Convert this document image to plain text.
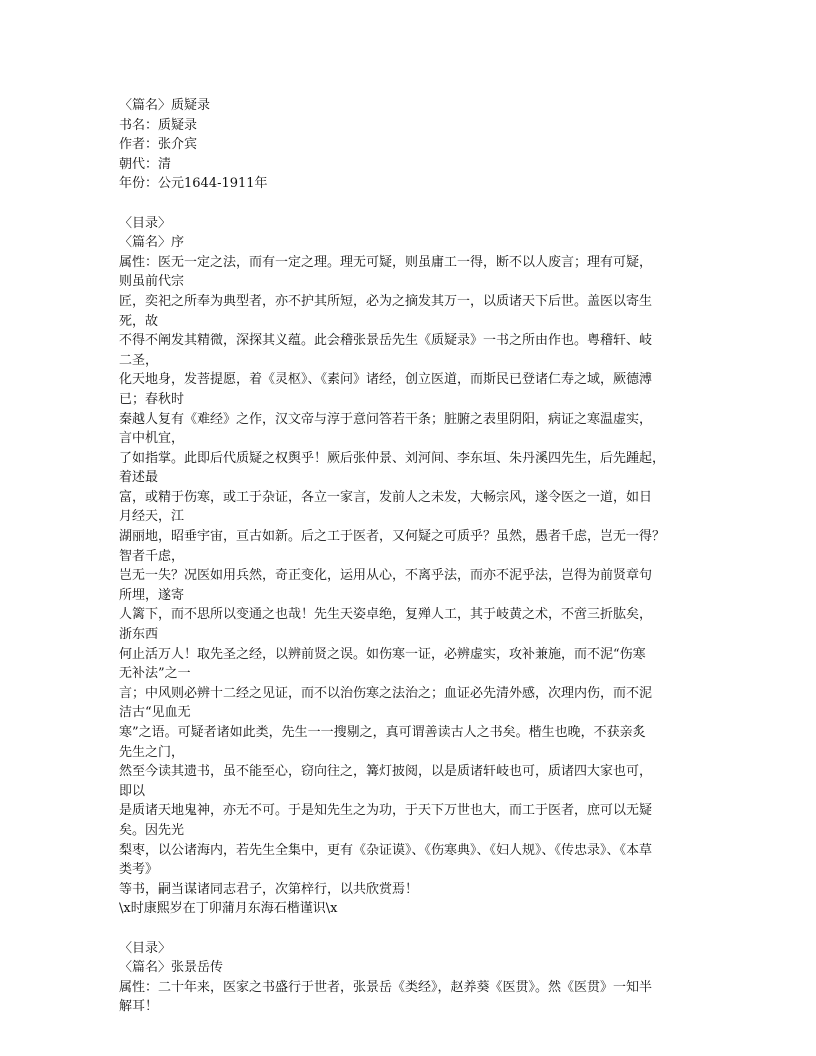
〈篇名〉质疑录
书名：质疑录
作者：张介宾
朝代：清
年份：公元1644-1911年
〈目录〉
〈篇名〉序
属性：医无一定之法，而有一定之理。理无可疑，则虽庸工一得，断不以人废言；理有可疑，
则虽前代宗
匠，奕祀之所奉为典型者，亦不护其所短，必为之摘发其万一，以质诸天下后世。盖医以寄生
死，故
不得不阐发其精微，深探其义蕴。此会稽张景岳先生《质疑录》一书之所由作也。粤稽轩、岐
二圣，
化天地身，发菩提愿，着《灵枢》、《素问》诸经，创立医道，而斯民已登诸仁寿之域，厥德溥
已；春秋时
秦越人复有《难经》之作，汉文帝与淳于意问答若干条；脏腑之表里阴阳，病证之寒温虚实，
言中机宜，
了如指掌。此即后代质疑之权舆乎！厥后张仲景、刘河间、李东垣、朱丹溪四先生，后先踵起，
着述最
富，或精于伤寒，或工于杂证，各立一家言，发前人之未发，大畅宗风，遂令医之一道，如日
月经天，江
湖丽地，昭垂宇宙，亘古如新。后之工于医者，又何疑之可质乎？虽然，愚者千虑，岂无一得？
智者千虑，
岂无一失？况医如用兵然，奇正变化，运用从心，不离乎法，而亦不泥乎法，岂得为前贤章句
所埋，遂寄
人篱下，而不思所以变通之也哉！先生天姿卓绝，复殚人工，其于岐黄之术，不啻三折肱矣，
浙东西
何止活万人！取先圣之经，以辨前贤之误。如伤寒一证，必辨虚实，攻补兼施，而不泥“伤寒
无补法”之一
言；中风则必辨十二经之见证，而不以治伤寒之法治之；血证必先清外感，次理内伤，而不泥
洁古“见血无
寒”之语。可疑者诸如此类，先生一一搜剔之，真可谓善读古人之书矣。楷生也晚，不获亲炙
先生之门，
然至今读其遗书，虽不能至心，窃向往之，篝灯披阅，以是质诸轩岐也可，质诸四大家也可，
即以
是质诸天地鬼神，亦无不可。于是知先生之为功，于天下万世也大，而工于医者，庶可以无疑
矣。因先光
梨枣，以公诸海内，若先生全集中，更有《杂证谟》、《伤寒典》、《妇人规》、《传忠录》、《本草
类考》
等书，嗣当谋诸同志君子，次第梓行，以共欣赏焉！
\x时康熙岁在丁卯蒲月东海石楷谨识\x
〈目录〉
〈篇名〉张景岳传
属性：二十年来，医家之书盛行于世者，张景岳《类经》，赵养葵《医贯》。然《医贯》一知半
解耳！
